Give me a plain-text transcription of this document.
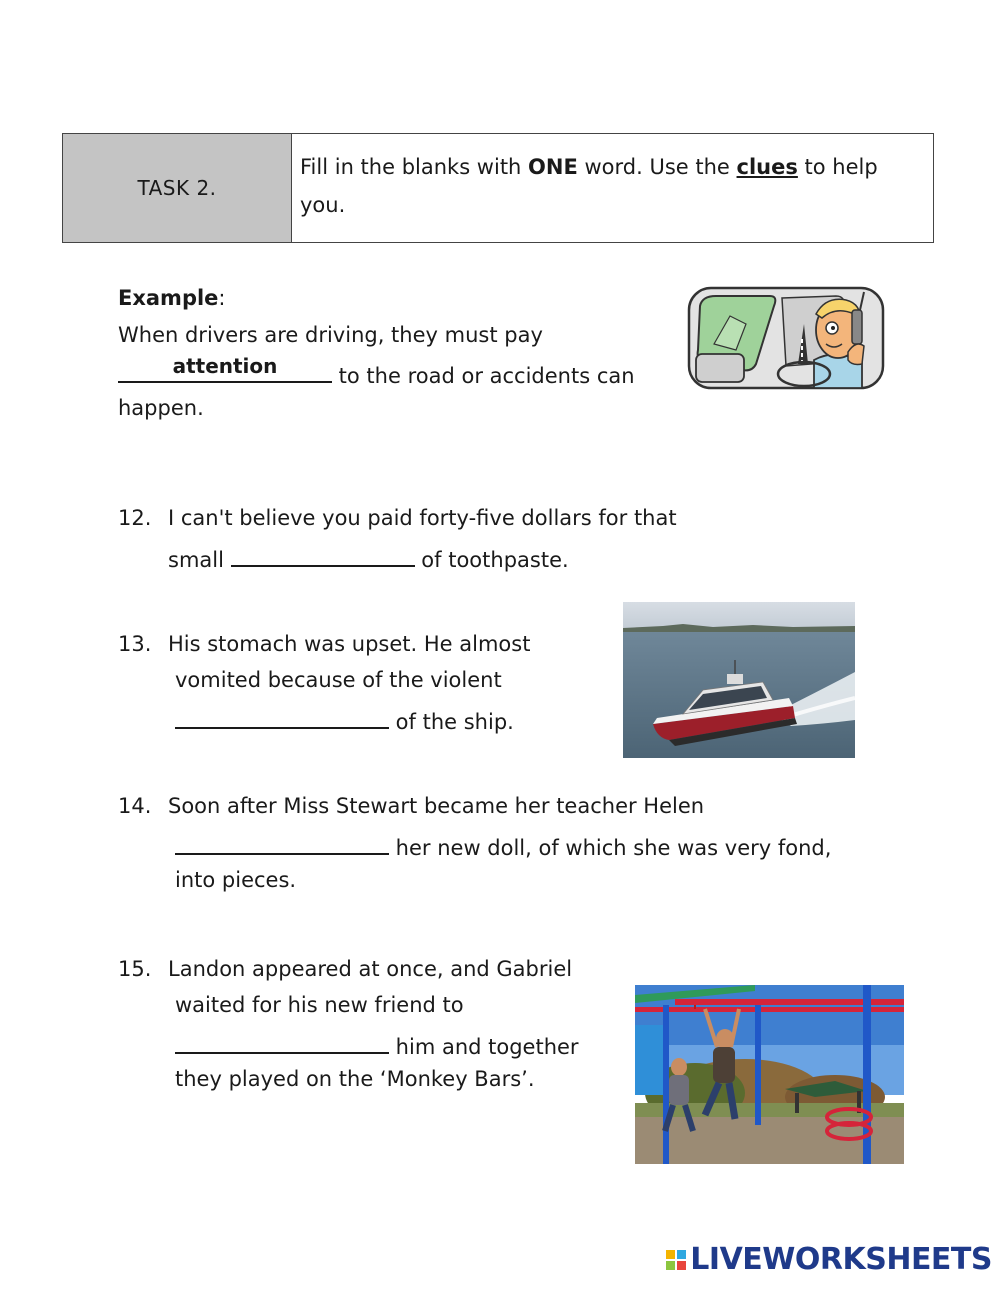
TASK 2.
Fill in the blanks with ONE word. Use the clues to help you.
Example:
When drivers are driving, they must pay
attention	to the road or accidents can
happen.
12. I can't believe you paid forty-five dollars for that
small	of toothpaste.
13. His stomach was upset. He almost
vomited because of the violent
of the ship.
14. Soon after Miss Stewart became her teacher Helen
her new doll, of which she was very fond,
into pieces.
15. Landon appeared at once, and Gabriel
waited for his new friend to
him and together
they played on the ‘Monkey Bars’.
LIVEWORKSHEETS
